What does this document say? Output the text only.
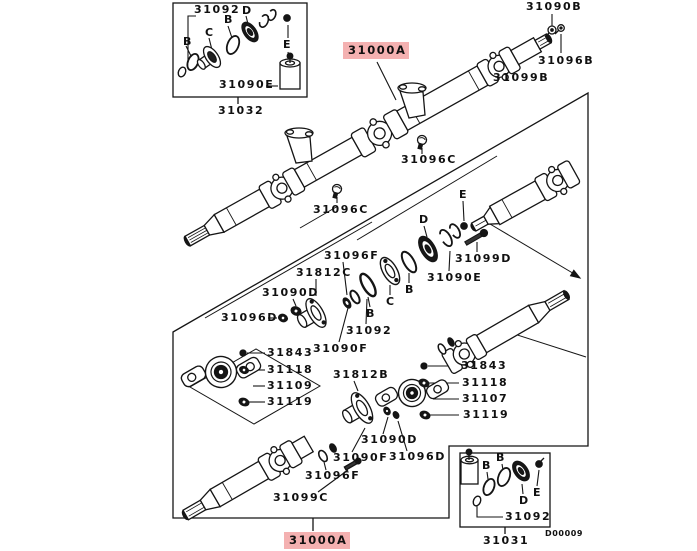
31092
B
C
B
D
E
31090E
31032
31000A
31090B
31096B
31099B
31096C
31096C
31096F
31812C
31090D
31096D
D
E
B
C
B
31099D
31090E
31092
31090F
31843
31118
31109
31119
31812B
31843
31118
31107
31119
31090D
31090F 31096D
31096F
31099C
31000A
B
B
D
E
31092
31031
D00009
